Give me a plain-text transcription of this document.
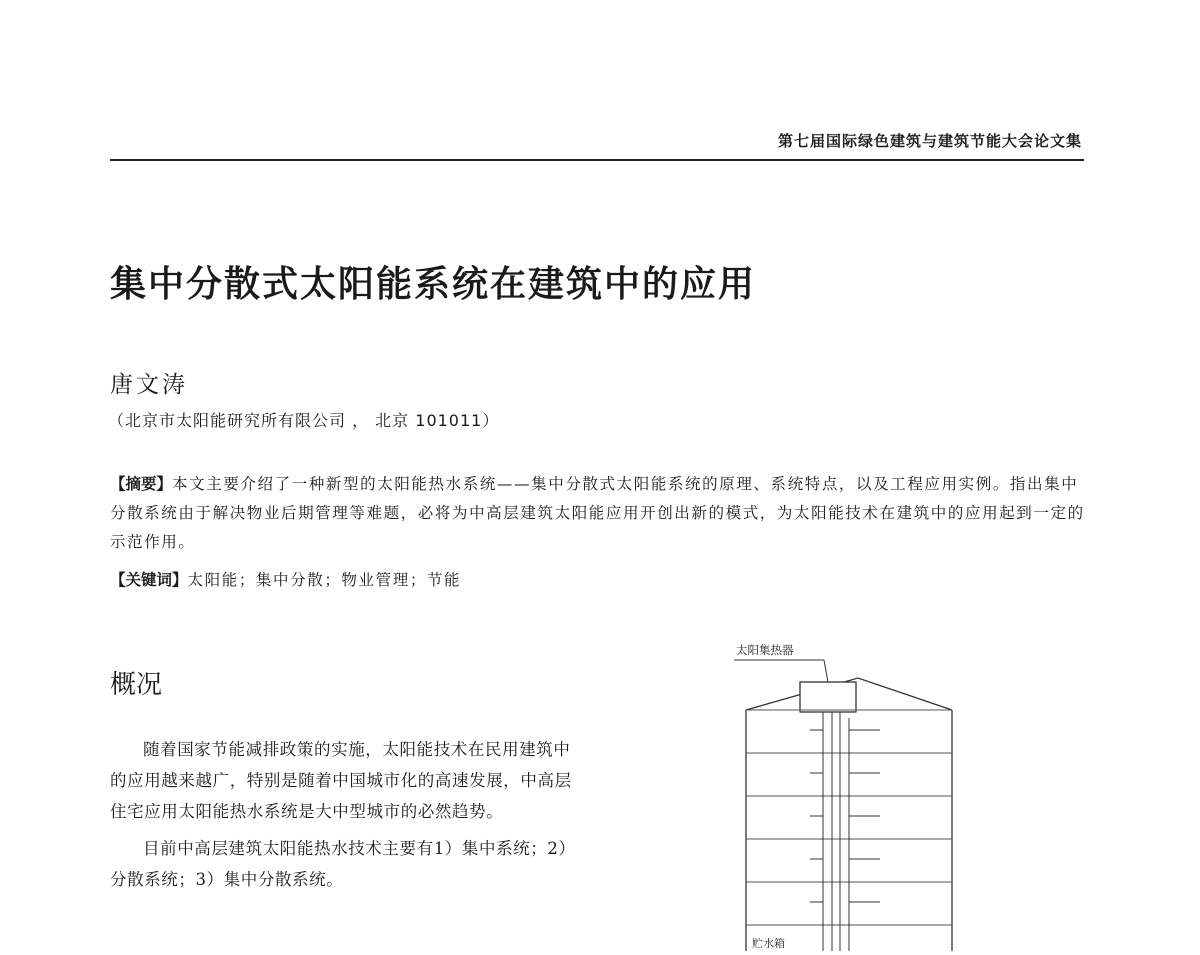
第七届国际绿色建筑与建筑节能大会论文集
集中分散式太阳能系统在建筑中的应用
唐文涛
（北京市太阳能研究所有限公司 ， 北京 101011）

【摘要】本文主要介绍了一种新型的太阳能热水系统——集中分散式太阳能系统的原理、系统特点，以及工程应用实例。指出集中分散系统由于解决物业后期管理等难题，必将为中高层建筑太阳能应用开创出新的模式，为太阳能技术在建筑中的应用起到一定的示范作用。

【关键词】太阳能；集中分散；物业管理；节能
概况

随着国家节能减排政策的实施，太阳能技术在民用建筑中的应用越来越广，特别是随着中国城市化的高速发展，中高层住宅应用太阳能热水系统是大中型城市的必然趋势。

目前中高层建筑太阳能热水技术主要有1）集中系统；2）分散系统；3）集中分散系统。

太阳集热器
贮水箱
